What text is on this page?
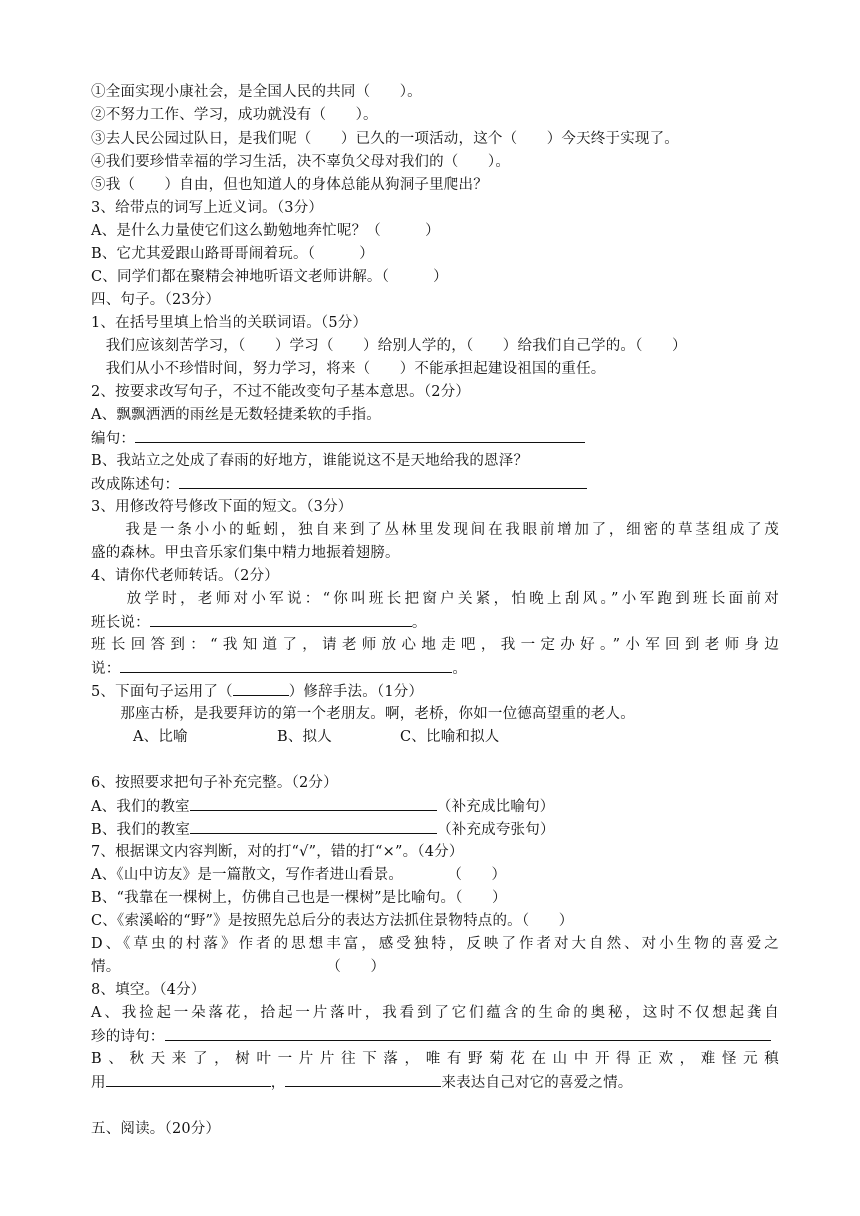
①全面实现小康社会，是全国人民的共同（　　）。
②不努力工作、学习，成功就没有（　　）。
③去人民公园过队日，是我们呢（　　）已久的一项活动，这个（　　）今天终于实现了。
④我们要珍惜幸福的学习生活，决不辜负父母对我们的（　　）。
⑤我（　　）自由，但也知道人的身体总能从狗洞子里爬出？
3、给带点的词写上近义词。（3分）
A、是什么力量使它们这么勤勉地奔忙呢？（　　　）
B、它尤其爱跟山路哥哥闹着玩。（　　　）
C、同学们都在聚精会神地听语文老师讲解。（　　　）
四、句子。（23分）
1、在括号里填上恰当的关联词语。（5分）
　我们应该刻苦学习，（　　）学习（　　）给别人学的，（　　）给我们自己学的。（　　）
　我们从小不珍惜时间，努力学习，将来（　　）不能承担起建设祖国的重任。
2、按要求改写句子，不过不能改变句子基本意思。（2分）
A、飘飘洒洒的雨丝是无数轻捷柔软的手指。
编句：
B、我站立之处成了春雨的好地方，谁能说这不是天地给我的恩泽？
改成陈述句：
3、用修改符号修改下面的短文。（3分）
　　我是一条小小的蚯蚓，独自来到了丛林里发现间在我眼前增加了，细密的草茎组成了茂
盛的森林。甲虫音乐家们集中精力地振着翅膀。
4、请你代老师转话。（2分）
　　放学时，老师对小军说：“你叫班长把窗户关紧，怕晚上刮风。”小军跑到班长面前对
班长说：	。
班长回答到：“我知道了，请老师放心地走吧，我一定办好。”小军回到老师身边
说：	。
5、下面句子运用了（	）修辞手法。（1分）
　　那座古桥，是我要拜访的第一个老朋友。啊，老桥，你如一位德高望重的老人。
A、比喻	B、拟人	C、比喻和拟人
6、按照要求把句子补充完整。（2分）
A、我们的教室	（补充成比喻句）
B、我们的教室	（补充成夸张句）
7、根据课文内容判断，对的打“√”，错的打“×”。（4分）
A、《山中访友》是一篇散文，写作者进山看景。　　　　（　　）
B、“我靠在一棵树上，仿佛自己也是一棵树”是比喻句。（　　）
C、《索溪峪的“野”》是按照先总后分的表达方法抓住景物特点的。（　　）
D、《草虫的村落》作者的思想丰富，感受独特，反映了作者对大自然、对小生物的喜爱之
情。　　　　　　　　　　　　　　　（　　）
8、填空。（4分）
A、我捡起一朵落花，拾起一片落叶，我看到了它们蕴含的生命的奥秘，这时不仅想起龚自
珍的诗句：
B、秋天来了，树叶一片片往下落，唯有野菊花在山中开得正欢，难怪元稹
用	，	来表达自己对它的喜爱之情。
五、阅读。（20分）
